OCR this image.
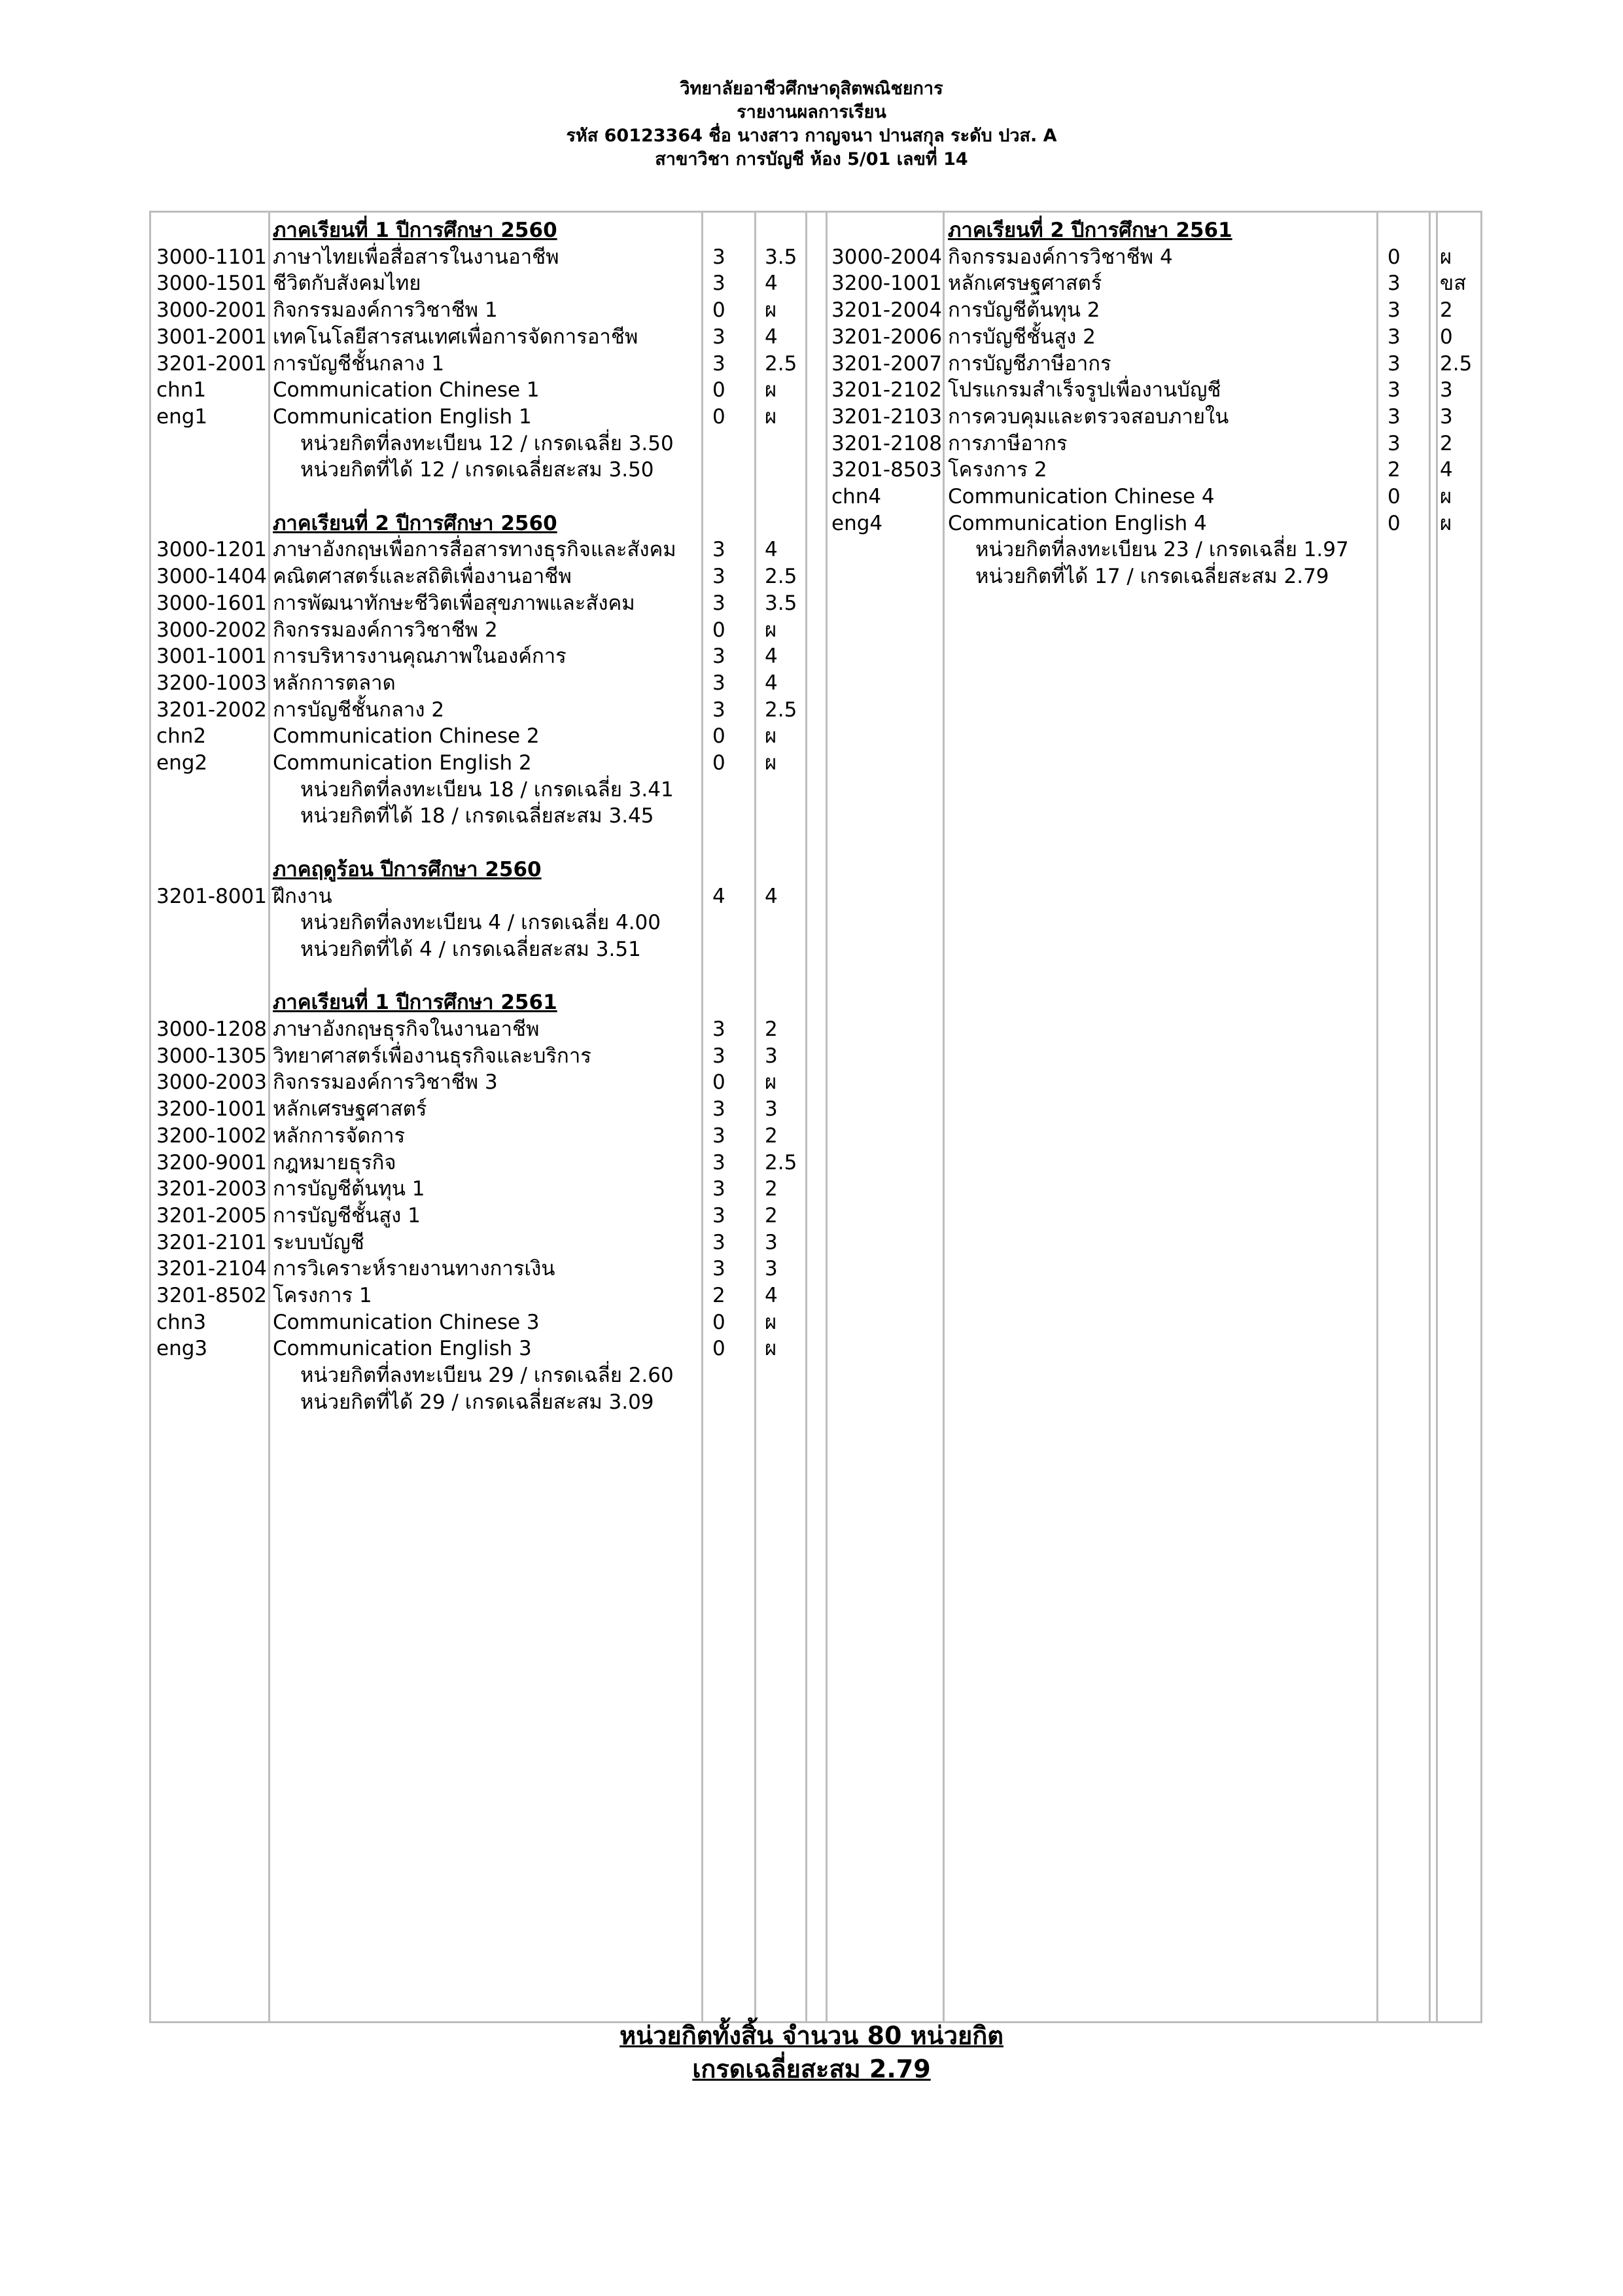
วิทยาลัยอาชีวศึกษาดุสิตพณิชยการ
รายงานผลการเรียน
รหัส 60123364 ชื่อ นางสาว กาญจนา ปานสกุล ระดับ ปวส. A
สาขาวิชา การบัญชี ห้อง 5/01 เลขที่ 14
ภาคเรียนที่ 1 ปีการศึกษา 2560
3000-1101 ภาษาไทยเพื่อสื่อสารในงานอาชีพ	3 3.5
3000-1501 ชีวิตกับสังคมไทย	3 4
3000-2001 กิจกรรมองค์การวิชาชีพ 1	0 ผ
3001-2001 เทคโนโลยีสารสนเทศเพื่อการจัดการอาชีพ	3 4
3201-2001 การบัญชีชั้นกลาง 1	3 2.5
chn1	Communication Chinese 1	0 ผ
eng1	Communication English 1	0 ผ
หน่วยกิตที่ลงทะเบียน 12 / เกรดเฉลี่ย 3.50
หน่วยกิตที่ได้ 12 / เกรดเฉลี่ยสะสม 3.50
ภาคเรียนที่ 2 ปีการศึกษา 2560
3000-1201 ภาษาอังกฤษเพื่อการสื่อสารทางธุรกิจและสังคม 3 4
3000-1404 คณิตศาสตร์และสถิติเพื่องานอาชีพ	3 2.5
3000-1601 การพัฒนาทักษะชีวิตเพื่อสุขภาพและสังคม	3 3.5
3000-2002 กิจกรรมองค์การวิชาชีพ 2	0 ผ
3001-1001 การบริหารงานคุณภาพในองค์การ	3 4
3200-1003 หลักการตลาด	3 4
3201-2002 การบัญชีชั้นกลาง 2	3 2.5
chn2	Communication Chinese 2	0 ผ
eng2	Communication English 2	0 ผ
หน่วยกิตที่ลงทะเบียน 18 / เกรดเฉลี่ย 3.41
หน่วยกิตที่ได้ 18 / เกรดเฉลี่ยสะสม 3.45
ภาคฤดูร้อน ปีการศึกษา 2560
3201-8001 ฝึกงาน	4 4
หน่วยกิตที่ลงทะเบียน 4 / เกรดเฉลี่ย 4.00
หน่วยกิตที่ได้ 4 / เกรดเฉลี่ยสะสม 3.51
ภาคเรียนที่ 1 ปีการศึกษา 2561
3000-1208 ภาษาอังกฤษธุรกิจในงานอาชีพ	3 2
3000-1305 วิทยาศาสตร์เพื่องานธุรกิจและบริการ	3 3
3000-2003 กิจกรรมองค์การวิชาชีพ 3	0 ผ
3200-1001 หลักเศรษฐศาสตร์	3 3
3200-1002 หลักการจัดการ	3 2
3200-9001 กฎหมายธุรกิจ	3 2.5
3201-2003 การบัญชีต้นทุน 1	3 2
3201-2005 การบัญชีชั้นสูง 1	3 2
3201-2101 ระบบบัญชี	3 3
3201-2104 การวิเคราะห์รายงานทางการเงิน	3 3
3201-8502 โครงการ 1	2 4
chn3	Communication Chinese 3	0 ผ
eng3	Communication English 3	0 ผ
หน่วยกิตที่ลงทะเบียน 29 / เกรดเฉลี่ย 2.60
หน่วยกิตที่ได้ 29 / เกรดเฉลี่ยสะสม 3.09
ภาคเรียนที่ 2 ปีการศึกษา 2561
3000-2004 กิจกรรมองค์การวิชาชีพ 4	0 ผ
3200-1001 หลักเศรษฐศาสตร์	3 ขส
3201-2004 การบัญชีต้นทุน 2	3 2
3201-2006 การบัญชีชั้นสูง 2	3 0
3201-2007 การบัญชีภาษีอากร	3 2.5
3201-2102 โปรแกรมสำเร็จรูปเพื่องานบัญชี	3 3
3201-2103 การควบคุมและตรวจสอบภายใน	3 3
3201-2108 การภาษีอากร	3 2
3201-8503 โครงการ 2	2 4
chn4	Communication Chinese 4	0 ผ
eng4	Communication English 4	0 ผ
หน่วยกิตที่ลงทะเบียน 23 / เกรดเฉลี่ย 1.97
หน่วยกิตที่ได้ 17 / เกรดเฉลี่ยสะสม 2.79
หน่วยกิตทั้งสิ้น จำนวน 80 หน่วยกิต
เกรดเฉลี่ยสะสม 2.79
